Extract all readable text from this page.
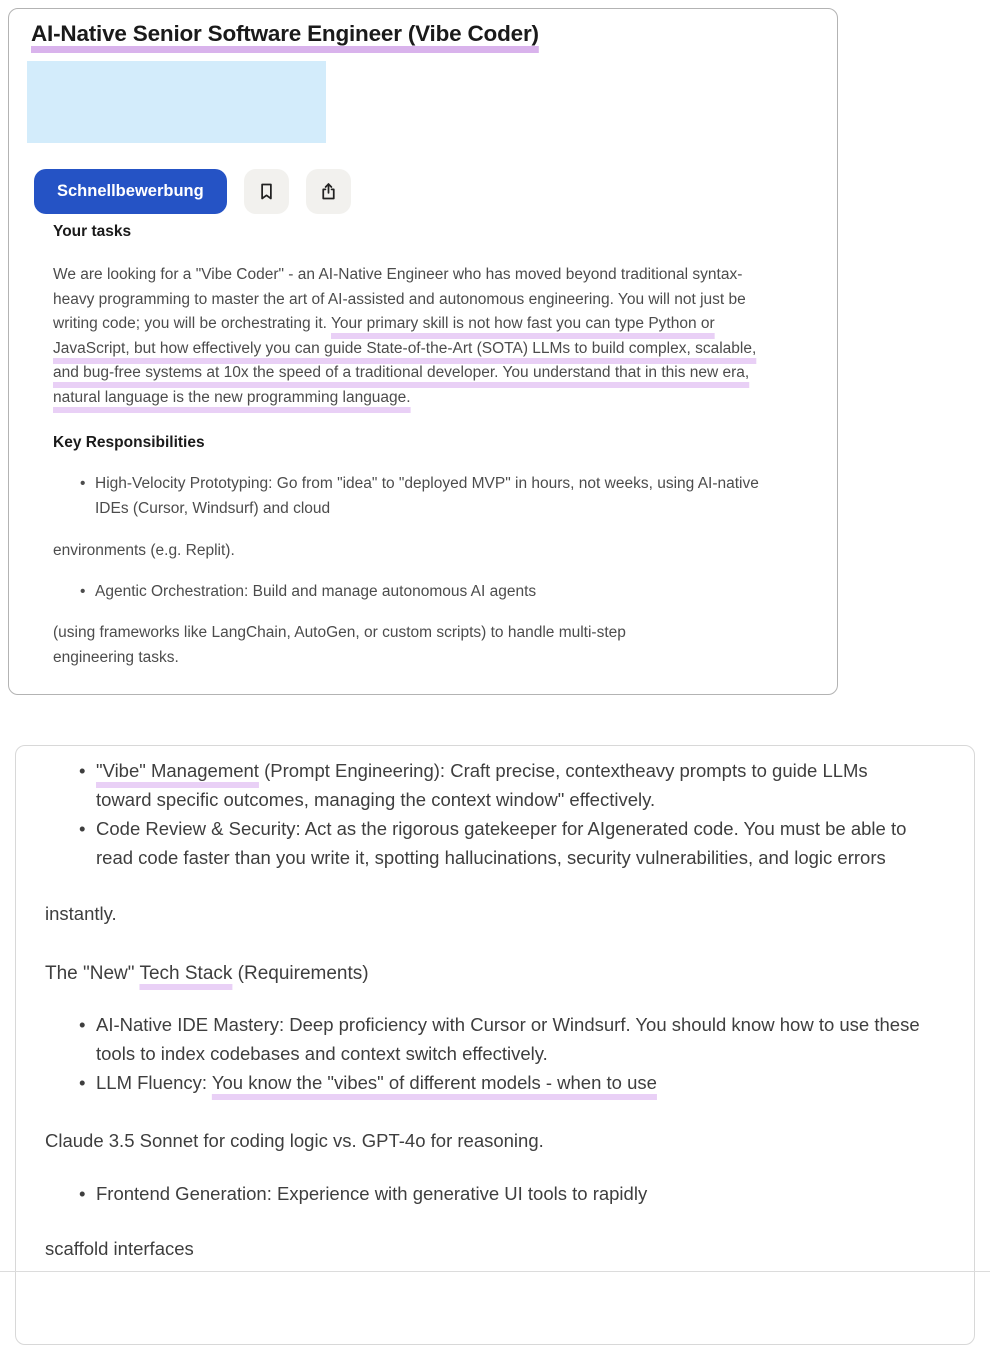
AI-Native Senior Software Engineer (Vibe Coder)
Schnellbewerbung
Your tasks

We are looking for a "Vibe Coder" - an AI-Native Engineer who has moved beyond traditional syntax-heavy programming to master the art of AI-assisted and autonomous engineering. You will not just be writing code; you will be orchestrating it. Your primary skill is not how fast you can type Python or JavaScript, but how effectively you can guide State-of-the-Art (SOTA) LLMs to build complex, scalable, and bug-free systems at 10x the speed of a traditional developer. You understand that in this new era, natural language is the new programming language.

Key Responsibilities
• High-Velocity Prototyping: Go from "idea" to "deployed MVP" in hours, not weeks, using AI-native IDEs (Cursor, Windsurf) and cloud

environments (e.g. Replit).

• Agentic Orchestration: Build and manage autonomous AI agents

(using frameworks like LangChain, AutoGen, or custom scripts) to handle multi-step engineering tasks.

• "Vibe" Management (Prompt Engineering): Craft precise, contextheavy prompts to guide LLMs toward specific outcomes, managing the context window" effectively.
• Code Review & Security: Act as the rigorous gatekeeper for AIgenerated code. You must be able to read code faster than you write it, spotting hallucinations, security vulnerabilities, and logic errors

instantly.

The "New" Tech Stack (Requirements)

• AI-Native IDE Mastery: Deep proficiency with Cursor or Windsurf. You should know how to use these tools to index codebases and context switch effectively.
• LLM Fluency: You know the "vibes" of different models - when to use

Claude 3.5 Sonnet for coding logic vs. GPT-4o for reasoning.

• Frontend Generation: Experience with generative UI tools to rapidly

scaffold interfaces
